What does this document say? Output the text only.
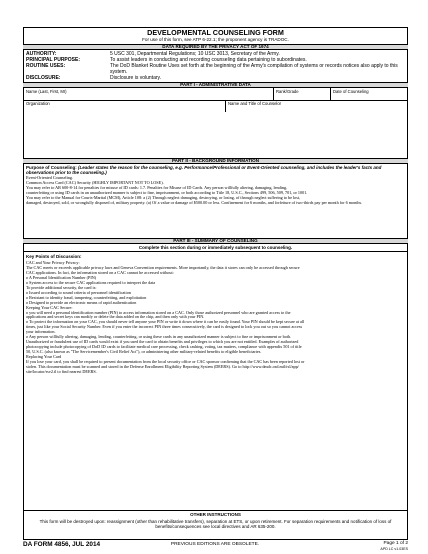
DEVELOPMENTAL COUNSELING FORM
For use of this form, see ATP 6-22.1; the proponent agency is TRADOC.
DATA REQUIRED BY THE PRIVACY ACT OF 1974
AUTHORITY:	5 USC 301, Departmental Regulations; 10 USC 3013, Secretary of the Army.
PRINCIPAL PURPOSE:	To assist leaders in conducting and recording counseling data pertaining to subordinates.
ROUTINE USES:	The DoD Blanket Routine Uses set forth at the beginning of the Army's compilation of systems or records notices also apply to this system.
DISCLOSURE:	Disclosure is voluntary.
PART I - ADMINISTRATIVE DATA
Name (Last, First, MI)	Rank/Grade	Date of Counseling
Organization	Name and Title of Counselor
PART II - BACKGROUND INFORMATION
Purpose of Counseling: (Leader states the reason for the counseling, e.g. Performance/Professional or Event-Oriented counseling, and includes the leader's facts and observations prior to the counseling.)
Event-Oriented Counseling.
Common Access Card (CAC) Security (HIGHLY IMPORTANT NOT TO LOSE).
You may refer to AR 600-8-14 for penalties for misuse of ID cards: 1.7. Penalties for Misuse of ID Cards. Any person willfully altering, damaging, lending,
counterfeiting or using ID cards in an unauthorized manner is subject to fine, imprisonment, or both according to Title 18, U.S.C., Sections 499, 506, 509, 701, or 1001.
You may refer to the Manual for Courts-Martial (MCM), Article 108: a (2) Through neglect damaging, destroying, or losing, of through neglect suffering to be lost,
damaged, destroyed, sold, or wrongfully disposed of, military property. (a) Of a value or damage of $500.00 or less. Confinement for 6 months, and forfeiture of two-thirds pay per month for 6 months.
PART III - SUMMARY OF COUNSELING
Complete this section during or immediately subsequent to counseling.
Key Points of Discussion:
CAC and Your Privacy Privacy:
The CAC meets or exceeds applicable privacy laws and Geneva Convention requirements. More importantly, the data it stores can only be accessed through secure
CAC applications. In fact, the information stored on a CAC cannot be accessed without:
o A Personal Identification Number (PIN)
o System access to the secure CAC applications required to interpret the data
To provide additional security, the card is:
o Issued according to sound criteria of personnel identification
o Resistant to identity fraud, tampering, counterfeiting, and exploitation
o Designed to provide an electronic means of rapid authentication
Keeping Your CAC Secure:
o you will need a personal identification number (PIN) to access information stored on a CAC. Only those authorized personnel who are granted access to the
applications and secret keys can modify or delete the data added on the chip, and then only with your PIN.
o To protect the information on your CAC, you should never tell anyone your PIN or write it down where it can be easily found. Your PIN should be kept secure at all
times, just like your Social Security Number. Even if you enter the incorrect PIN three times consecutively, the card is designed to lock you out so you cannot access
your information.
o Any person willfully altering, damaging, lending, counterfeiting, or using these cards in any unauthorized manner is subject to fine or imprisonment or both.
Unauthorized or fraudulent use of ID cards would exist if you used the card to obtain benefits and privileges to which you are not entitled. Examples of authorized
photocopying include photocopying of DoD ID cards to facilitate medical care processing, check cashing, voting, tax matters, compliance with appendix 501 of title
50, U.S.C. (also known as "The Servicemember's Civil Relief Act"), or administering other military-related benefits to eligible beneficiaries.
Replacing Your Card
If you lose your card, you shall be required to present documentation from the local security office or CAC sponsor confirming that the CAC has been reported lost or
stolen. This documentation must be scanned and stored in the Defense Enrollment Eligibility Reporting System (DEERS). Go to http://www.dmdc.osd.mil/rsl/app/
site/locator/rsv2.tl to find nearest DEERS.
OTHER INSTRUCTIONS
This form will be destroyed upon: reassignment (other than rehabilitative transfers), separation at ETS, or upon retirement. For separation requirements and notification of loss of benefits/consequences see local directives and AR 635-200.
DA FORM 4856, JUL 2014	PREVIOUS EDITIONS ARE OBSOLETE.	Page 1 of 2
APD LC v1.03ES
